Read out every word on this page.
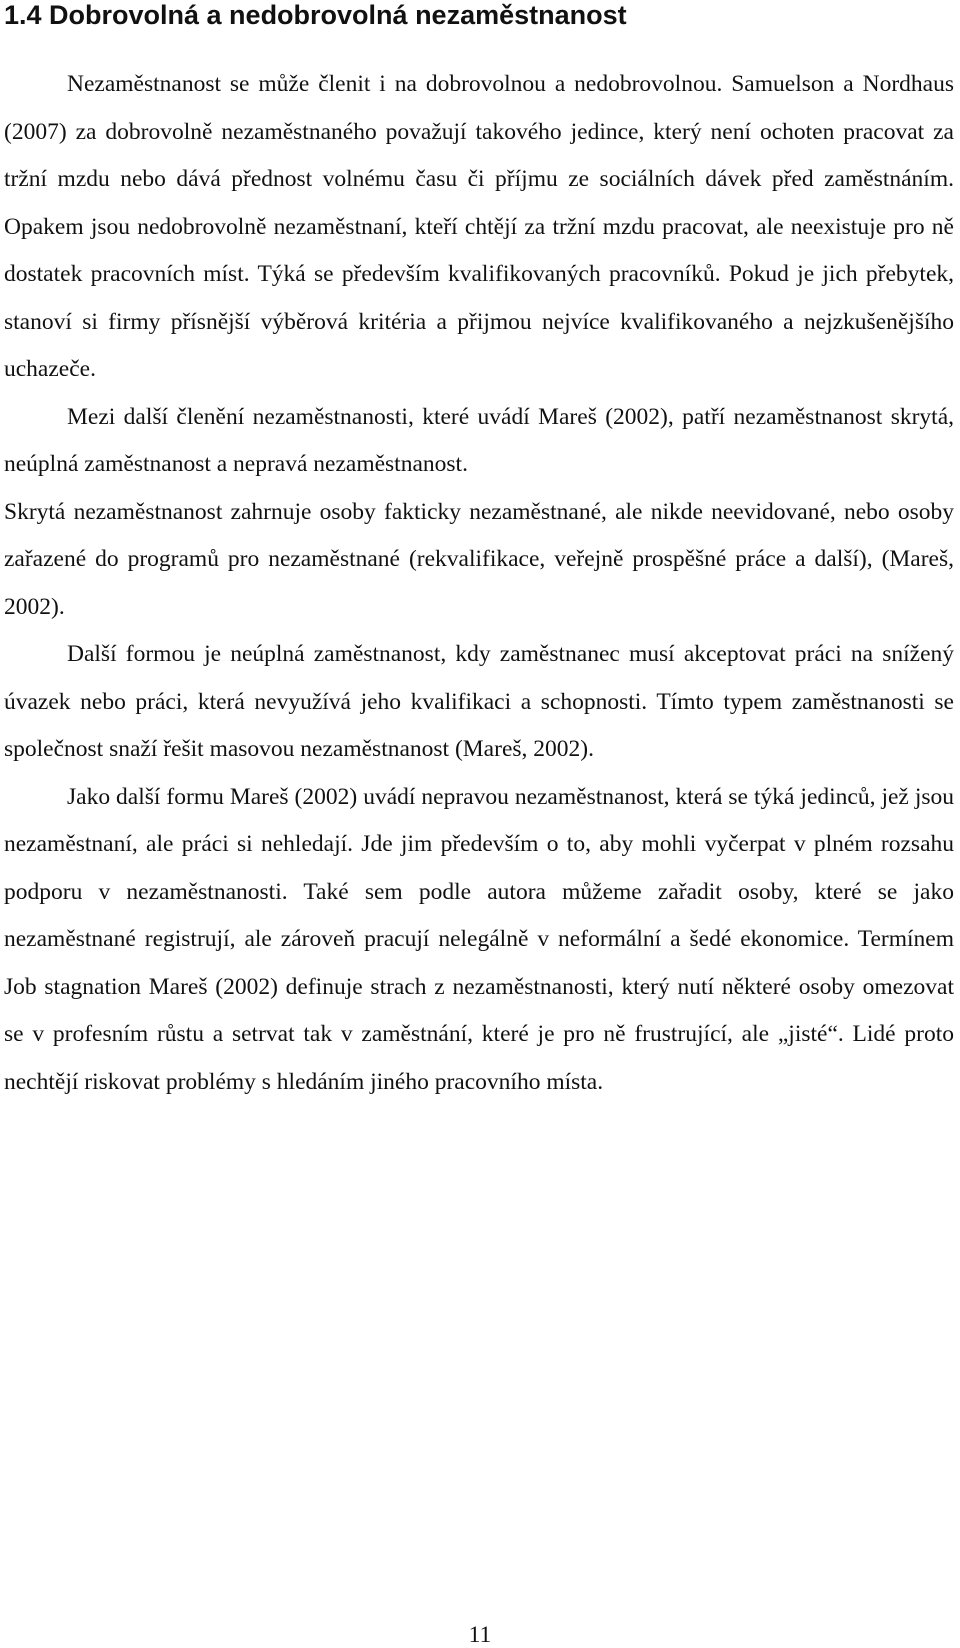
1.4 Dobrovolná a nedobrovolná nezaměstnanost

Nezaměstnanost se může členit i na dobrovolnou a nedobrovolnou. Samuelson a Nordhaus (2007) za dobrovolně nezaměstnaného považují takového jedince, který není ochoten pracovat za tržní mzdu nebo dává přednost volnému času či příjmu ze sociálních dávek před zaměstnáním. Opakem jsou nedobrovolně nezaměstnaní, kteří chtějí za tržní mzdu pracovat, ale neexistuje pro ně dostatek pracovních míst. Týká se především kvalifikovaných pracovníků. Pokud je jich přebytek, stanoví si firmy přísnější výběrová kritéria a přijmou nejvíce kvalifikovaného a nejzkušenějšího uchazeče.

Mezi další členění nezaměstnanosti, které uvádí Mareš (2002), patří nezaměstnanost skrytá, neúplná zaměstnanost a nepravá nezaměstnanost.

Skrytá nezaměstnanost zahrnuje osoby fakticky nezaměstnané, ale nikde neevidované, nebo osoby zařazené do programů pro nezaměstnané (rekvalifikace, veřejně prospěšné práce a další), (Mareš, 2002).

Další formou je neúplná zaměstnanost, kdy zaměstnanec musí akceptovat práci na snížený úvazek nebo práci, která nevyužívá jeho kvalifikaci a schopnosti. Tímto typem zaměstnanosti se společnost snaží řešit masovou nezaměstnanost (Mareš, 2002).

Jako další formu Mareš (2002) uvádí nepravou nezaměstnanost, která se týká jedinců, jež jsou nezaměstnaní, ale práci si nehledají. Jde jim především o to, aby mohli vyčerpat v plném rozsahu podporu v nezaměstnanosti. Také sem podle autora můžeme zařadit osoby, které se jako nezaměstnané registrují, ale zároveň pracují nelegálně v neformální a šedé ekonomice. Termínem Job stagnation Mareš (2002) definuje strach z nezaměstnanosti, který nutí některé osoby omezovat se v profesním růstu a setrvat tak v zaměstnání, které je pro ně frustrující, ale „jisté“. Lidé proto nechtějí riskovat problémy s hledáním jiného pracovního místa.

11
